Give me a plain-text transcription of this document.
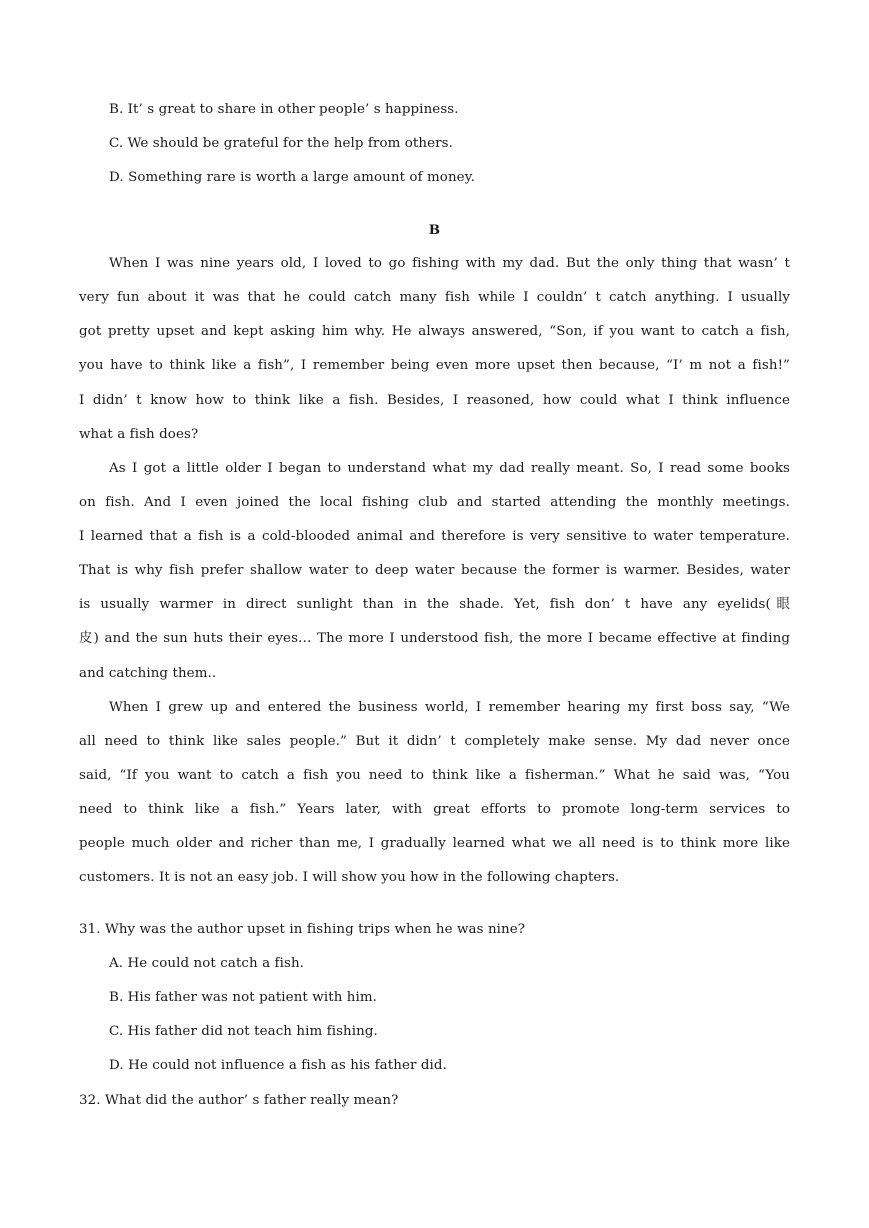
B. It’ s great to share in other people’ s happiness.
C. We should be grateful for the help from others.
D. Something rare is worth a large amount of money.
B
When I was nine years old, I loved to go fishing with my dad. But the only thing that wasn’ t
very fun about it was that he could catch many fish while I couldn’ t catch anything. I usually
got pretty upset and kept asking him why. He always answered, “Son, if you want to catch a fish,
you have to think like a fish”, I remember being even more upset then because, “I’ m not a fish!”
I didn’ t know how to think like a fish. Besides, I reasoned, how could what I think influence
what a fish does?
As I got a little older I began to understand what my dad really meant. So, I read some books
on fish. And I even joined the local fishing club and started attending the monthly meetings.
I learned that a fish is a cold-blooded animal and therefore is very sensitive to water temperature.
That is why fish prefer shallow water to deep water because the former is warmer. Besides, water
is usually warmer in direct sunlight than in the shade. Yet, fish don’ t have any eyelids(眼
皮) and the sun huts their eyes… The more I understood fish, the more I became effective at finding
and catching them..
When I grew up and entered the business world, I remember hearing my first boss say, “We
all need to think like sales people.” But it didn’ t completely make sense. My dad never once
said, “If you want to catch a fish you need to think like a fisherman.” What he said was, “You
need to think like a fish.” Years later, with great efforts to promote long-term services to
people much older and richer than me, I gradually learned what we all need is to think more like
customers. It is not an easy job. I will show you how in the following chapters.
31. Why was the author upset in fishing trips when he was nine?
A. He could not catch a fish.
B. His father was not patient with him.
C. His father did not teach him fishing.
D. He could not influence a fish as his father did.
32. What did the author’ s father really mean?
